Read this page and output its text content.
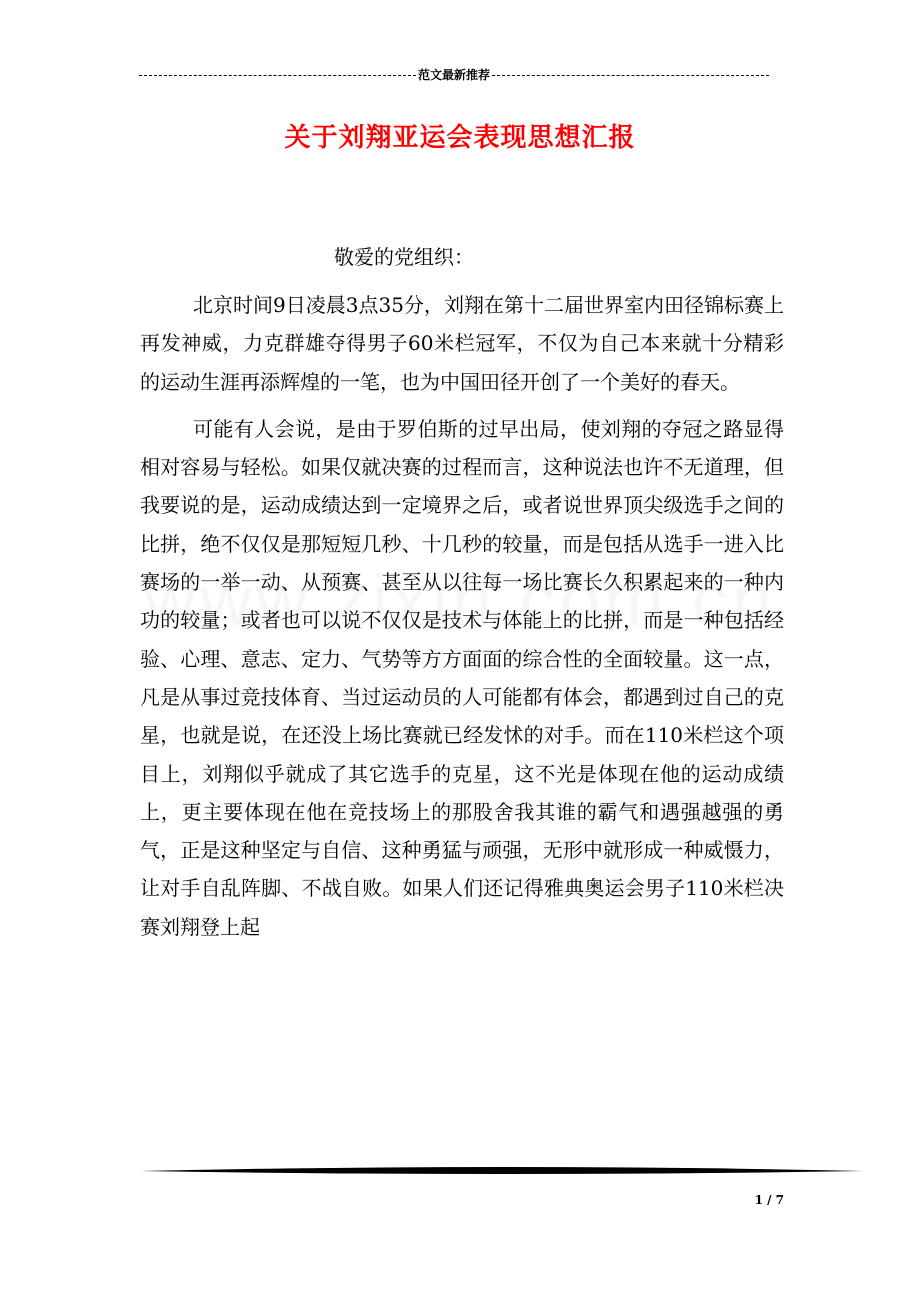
范文最新推荐
关于刘翔亚运会表现思想汇报
敬爱的党组织：

北京时间9日凌晨3点35分，刘翔在第十二届世界室内田径锦标赛上再发神威，力克群雄夺得男子60米栏冠军，不仅为自己本来就十分精彩的运动生涯再添辉煌的一笔，也为中国田径开创了一个美好的春天。

可能有人会说，是由于罗伯斯的过早出局，使刘翔的夺冠之路显得相对容易与轻松。如果仅就决赛的过程而言，这种说法也许不无道理，但我要说的是，运动成绩达到一定境界之后，或者说世界顶尖级选手之间的比拼，绝不仅仅是那短短几秒、十几秒的较量，而是包括从选手一进入比赛场的一举一动、从预赛、甚至从以往每一场比赛长久积累起来的一种内功的较量；或者也可以说不仅仅是技术与体能上的比拼，而是一种包括经验、心理、意志、定力、气势等方方面面的综合性的全面较量。这一点，凡是从事过竞技体育、当过运动员的人可能都有体会，都遇到过自己的克星，也就是说，在还没上场比赛就已经发怵的对手。而在110米栏这个项目上，刘翔似乎就成了其它选手的克星，这不光是体现在他的运动成绩上，更主要体现在他在竞技场上的那股舍我其谁的霸气和遇强越强的勇气，正是这种坚定与自信、这种勇猛与顽强，无形中就形成一种威慑力，让对手自乱阵脚、不战自败。如果人们还记得雅典奥运会男子110米栏决赛刘翔登上起

1 / 7
